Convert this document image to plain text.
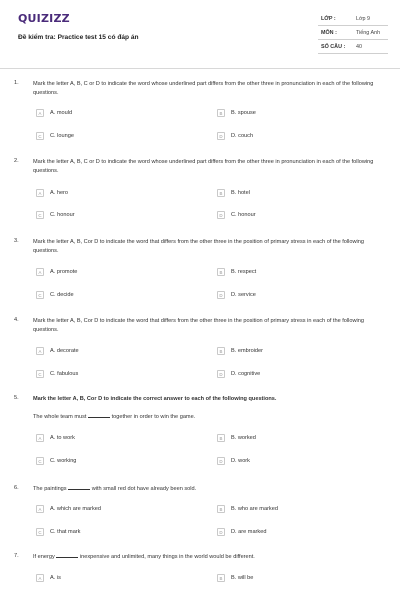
QUIZIZZ
Đề kiểm tra: Practice test 15 có đáp án
LỚP :	Lớp 9
MÔN :	Tiếng Anh
SỐ CÂU : 40
1.	Mark the letter A, B, C or D to indicate the word whose underlined part differs from the other three in pronunciation in each of the following questions.
A A. mould	B B. spouse
C C. lounge	D D. couch
2.	Mark the letter A, B, C or D to indicate the word whose underlined part differs from the other three in pronunciation in each of the following questions.
A A. hero	B B. hotel
C C. honour	D C. honour
3.	Mark the letter A, B, Cor D to indicate the word that differs from the other three in the position of primary stress in each of the following questions.
A A. promote	B B. respect
C C. decide	D D. service
4.	Mark the letter A, B, Cor D to indicate the word that differs from the other three in the position of primary stress in each of the following questions.
A A. decorate	B B. embroider
C C. fabulous	D D. cognitive
5.	Mark the letter A, B, Cor D to indicate the correct answer to each of the following questions.
The whole team must	together in order to win the game.
A A. to work	B B. worked
C C. working	D D. work
6.	The paintings	with small red dot have already been sold.
A A. which are marked	B B. who are marked
C C. that mark	D D. are marked
7.	If energy	inexpensive and unlimited, many things in the world would be different.
A A. is	B B. will be
